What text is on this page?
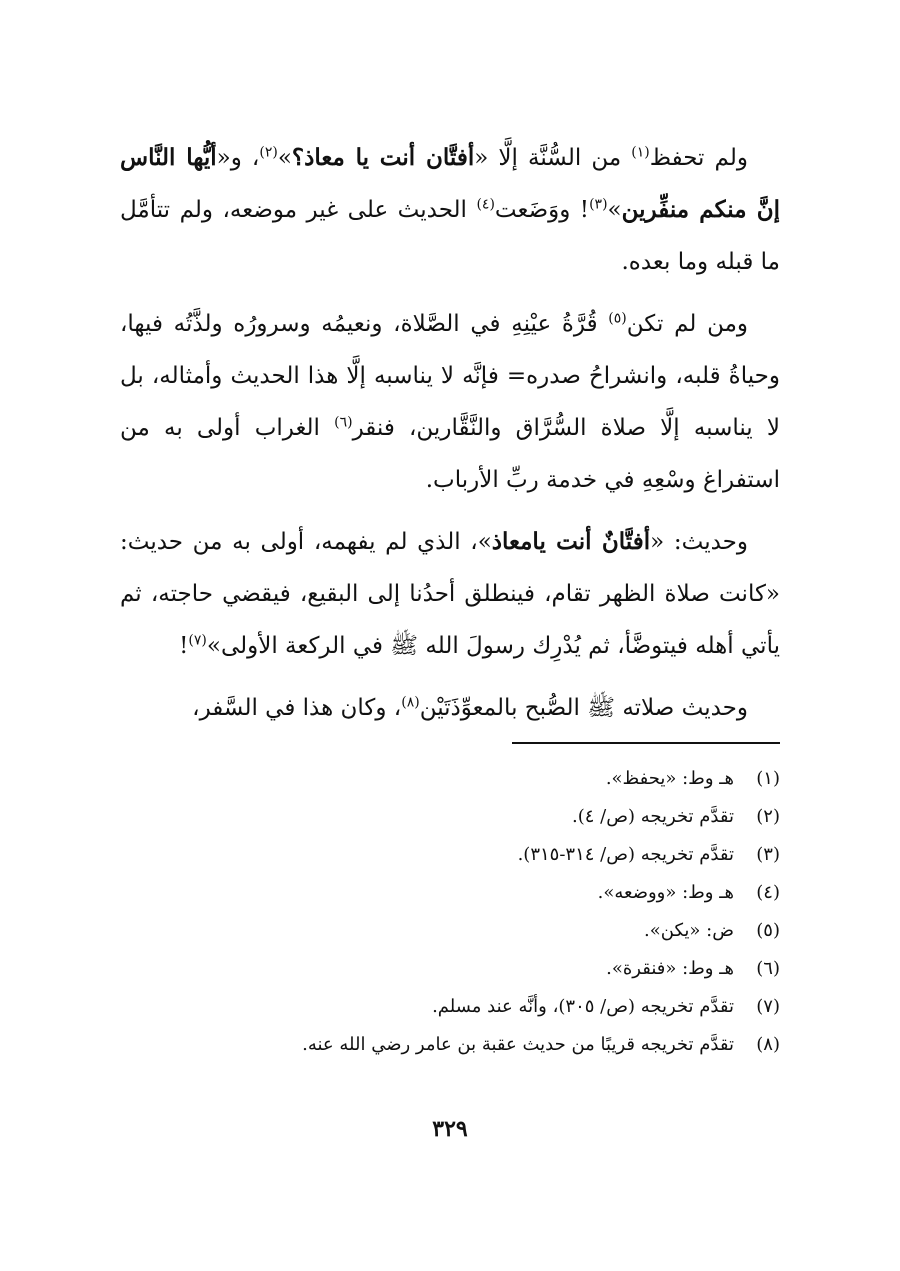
ولم تحفظ$^{(١)}$ من السُّنَّة إلَّا «أفتَّان أنت يا معاذ؟»$^{(٢)}$، و«أيُّها النَّاس إنَّ منكم منفِّرين»$^{(٣)}$! ووَضَعت$^{(٤)}$ الحديث على غير موضعه، ولم تتأمَّل ما قبله وما بعده.

ومن لم تكن$^{(٥)}$ قُرَّةُ عيْنِهِ في الصَّلاة، ونعيمُه وسرورُه ولذَّتُه فيها، وحياةُ قلبه، وانشراحُ صدره= فإنَّه لا يناسبه إلَّا هذا الحديث وأمثاله، بل لا يناسبه إلَّا صلاة السُّرَّاق والنَّقَّارين، فنقر$^{(٦)}$ الغراب أولى به من استفراغ وسْعِهِ في خدمة ربِّ الأرباب.

وحديث: «أفتَّانٌ أنت يامعاذ»، الذي لم يفهمه، أولى به من حديث: «كانت صلاة الظهر تقام، فينطلق أحدُنا إلى البقيع، فيقضي حاجته، ثم يأتي أهله فيتوضَّأ، ثم يُدْرِك رسولَ الله ﷺ في الركعة الأولى»$^{(٧)}$!

وحديث صلاته ﷺ الصُّبح بالمعوِّذَتَيْن$^{(٨)}$، وكان هذا في السَّفر،

(١)هـ وط: «يحفظ».
(٢)تقدَّم تخريجه (ص/ ٤).
(٣)تقدَّم تخريجه (ص/ ٣١٤-٣١٥).
(٤)هـ وط: «ووضعه».
(٥)ض: «يكن».
(٦)هـ وط: «فنقرة».
(٧)تقدَّم تخريجه (ص/ ٣٠٥)، وأنَّه عند مسلم.
(٨)تقدَّم تخريجه قريبًا من حديث عقبة بن عامر رضي الله عنه.
٣٢٩
